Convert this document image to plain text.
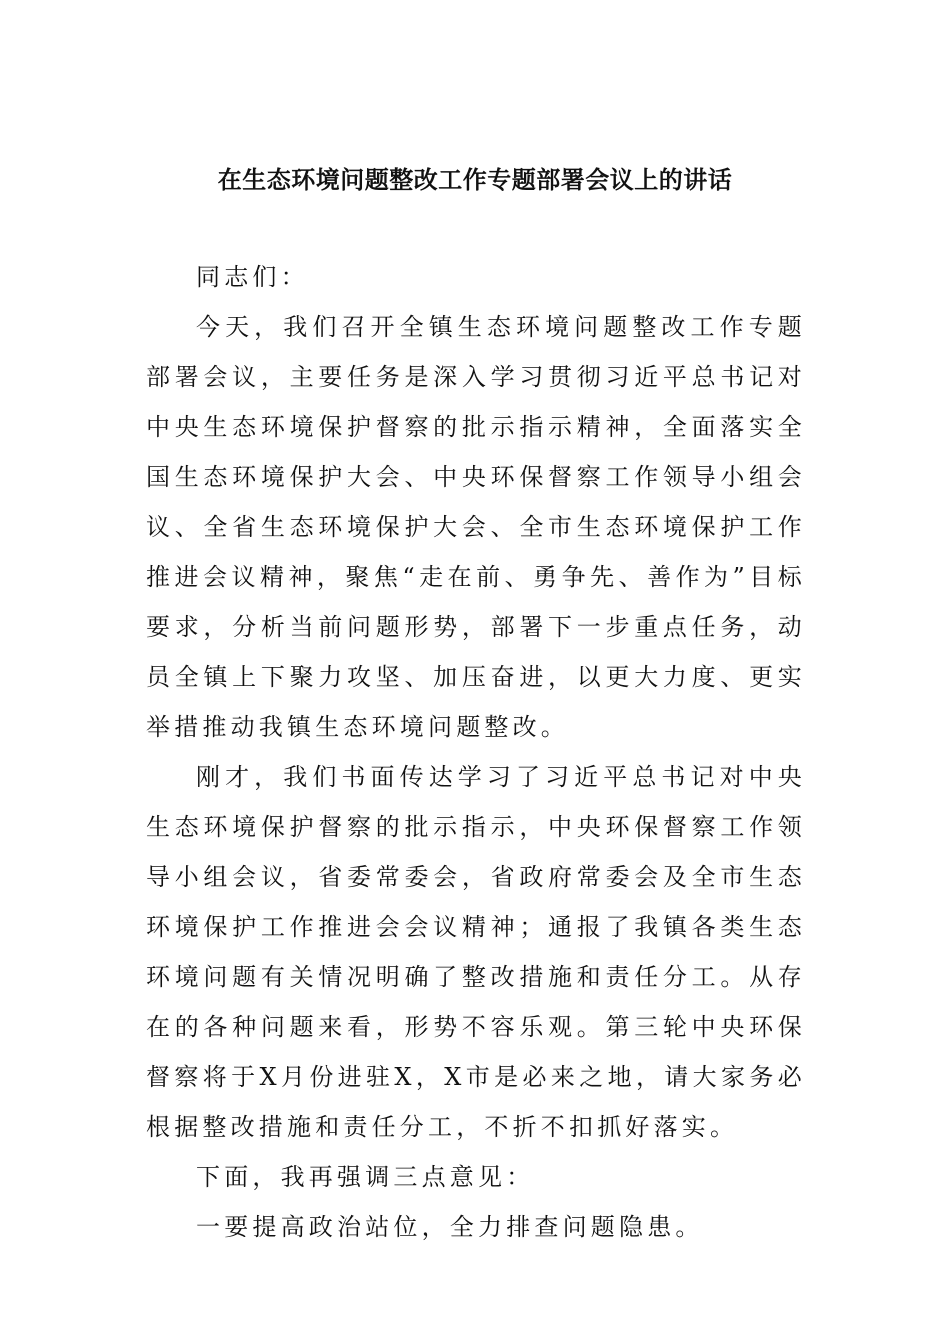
在生态环境问题整改工作专题部署会议上的讲话

同志们：

今天，我们召开全镇生态环境问题整改工作专题部署会议，主要任务是深入学习贯彻习近平总书记对中央生态环境保护督察的批示指示精神，全面落实全国生态环境保护大会、中央环保督察工作领导小组会议、全省生态环境保护大会、全市生态环境保护工作推进会议精神，聚焦“走在前、勇争先、善作为”目标要求，分析当前问题形势，部署下一步重点任务，动员全镇上下聚力攻坚、加压奋进，以更大力度、更实举措推动我镇生态环境问题整改。

刚才，我们书面传达学习了习近平总书记对中央生态环境保护督察的批示指示，中央环保督察工作领导小组会议，省委常委会，省政府常委会及全市生态环境保护工作推进会会议精神；通报了我镇各类生态环境问题有关情况明确了整改措施和责任分工。从存在的各种问题来看，形势不容乐观。第三轮中央环保督察将于X月份进驻X，X市是必来之地，请大家务必根据整改措施和责任分工，不折不扣抓好落实。

下面，我再强调三点意见：

一要提高政治站位，全力排查问题隐患。
